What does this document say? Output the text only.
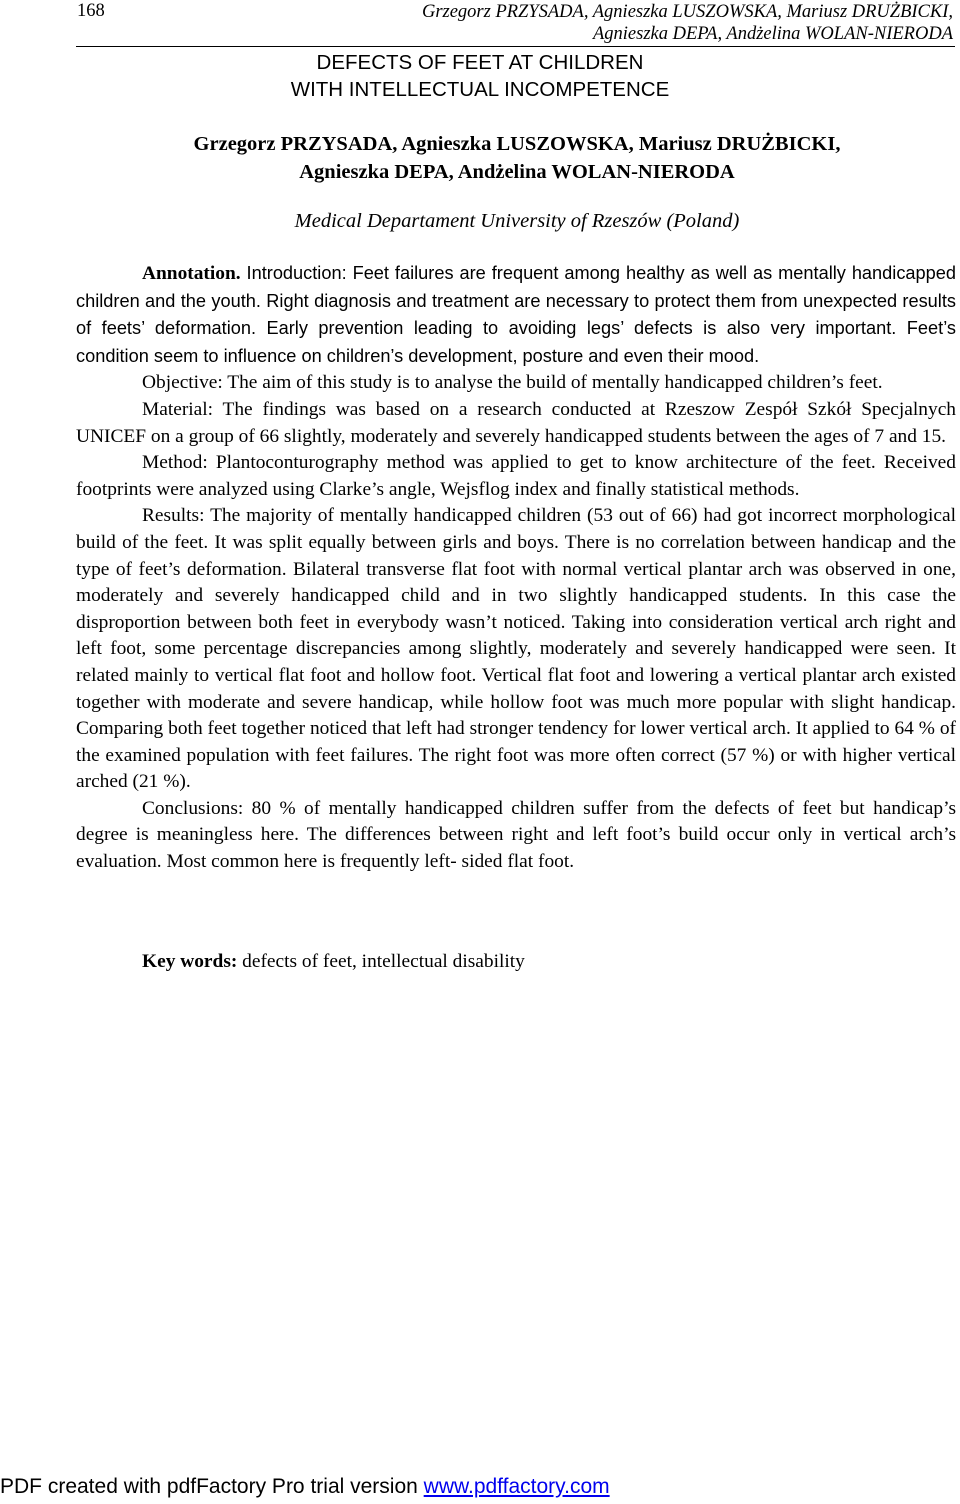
168	Grzegorz PRZYSADA, Agnieszka LUSZOWSKA, Mariusz DRUŻBICKI,
Agnieszka DEPA, Andżelina WOLAN-NIERODA
DEFECTS OF FEET AT CHILDREN
WITH INTELLECTUAL INCOMPETENCE
Grzegorz PRZYSADA, Agnieszka LUSZOWSKA, Mariusz DRUŻBICKI,
Agnieszka DEPA, Andżelina WOLAN-NIERODA
Medical Departament University of Rzeszów (Poland)

Annotation. Introduction: Feet failures are frequent among healthy as well as mentally handicapped children and the youth. Right diagnosis and treatment are necessary to protect them from unexpected results of feets’ deformation. Early prevention leading to avoiding legs’ defects is also very important. Feet’s condition seem to influence on children’s development, posture and even their mood.

Objective: The aim of this study is to analyse the build of mentally handicapped children’s feet.

Material: The findings was based on a research conducted at Rzeszow Zespół Szkół Specjalnych UNICEF on a group of 66 slightly, moderately and severely handicapped students between the ages of 7 and 15.

Method: Plantoconturography method was applied to get to know architecture of the feet. Received footprints were analyzed using Clarke’s angle, Wejsflog index and finally statistical methods.

Results: The majority of mentally handicapped children (53 out of 66) had got incorrect morphological build of the feet. It was split equally between girls and boys. There is no correlation between handicap and the type of feet’s deformation. Bilateral transverse flat foot with normal vertical plantar arch was observed in one, moderately and severely handicapped child and in two slightly handicapped students. In this case the disproportion between both feet in everybody wasn’t noticed. Taking into consideration vertical arch right and left foot, some percentage discrepancies among slightly, moderately and severely handicapped were seen. It related mainly to vertical flat foot and hollow foot. Vertical flat foot and lowering a vertical plantar arch existed together with moderate and severe handicap, while hollow foot was much more popular with slight handicap. Comparing both feet together noticed that left had stronger tendency for lower vertical arch. It applied to 64 % of the examined population with feet failures. The right foot was more often correct (57 %) or with higher vertical arched (21 %).

Conclusions: 80 % of mentally handicapped children suffer from the defects of feet but handicap’s degree is meaningless here. The differences between right and left foot’s build occur only in vertical arch’s evaluation. Most common here is frequently left- sided flat foot.

Key words: defects of feet, intellectual disability
PDF created with pdfFactory Pro trial version www.pdffactory.com
